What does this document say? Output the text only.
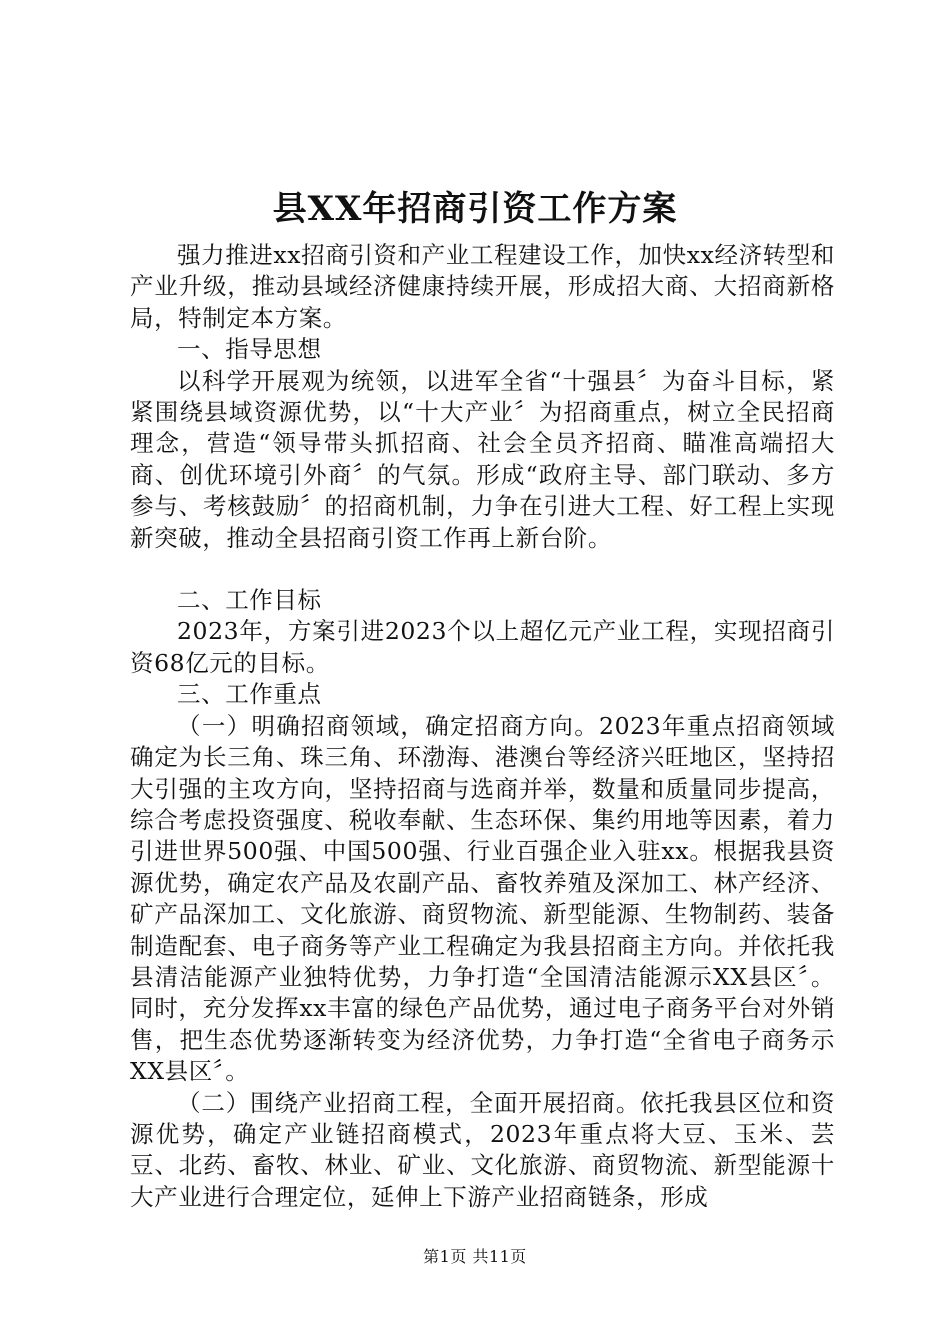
县XX年招商引资工作方案

强力推进xx招商引资和产业工程建设工作，加快xx经济转型和产业升级，推动县域经济健康持续开展，形成招大商、大招商新格局，特制定本方案。

一、指导思想

以科学开展观为统领，以进军全省“十强县〞为奋斗目标，紧紧围绕县域资源优势，以“十大产业〞为招商重点，树立全民招商理念，营造“领导带头抓招商、社会全员齐招商、瞄准高端招大商、创优环境引外商〞的气氛。形成“政府主导、部门联动、多方参与、考核鼓励〞的招商机制，力争在引进大工程、好工程上实现新突破，推动全县招商引资工作再上新台阶。

二、工作目标

2023年，方案引进2023个以上超亿元产业工程，实现招商引资68亿元的目标。

三、工作重点

（一）明确招商领域，确定招商方向。2023年重点招商领域确定为长三角、珠三角、环渤海、港澳台等经济兴旺地区，坚持招大引强的主攻方向，坚持招商与选商并举，数量和质量同步提高，综合考虑投资强度、税收奉献、生态环保、集约用地等因素，着力引进世界500强、中国500强、行业百强企业入驻xx。根据我县资源优势，确定农产品及农副产品、畜牧养殖及深加工、林产经济、矿产品深加工、文化旅游、商贸物流、新型能源、生物制药、装备制造配套、电子商务等产业工程确定为我县招商主方向。并依托我县清洁能源产业独特优势，力争打造“全国清洁能源示XX县区〞。同时，充分发挥xx丰富的绿色产品优势，通过电子商务平台对外销售，把生态优势逐渐转变为经济优势，力争打造“全省电子商务示XX县区〞。

（二）围绕产业招商工程，全面开展招商。依托我县区位和资源优势，确定产业链招商模式，2023年重点将大豆、玉米、芸豆、北药、畜牧、林业、矿业、文化旅游、商贸物流、新型能源十大产业进行合理定位，延伸上下游产业招商链条，形成

第1页 共11页
